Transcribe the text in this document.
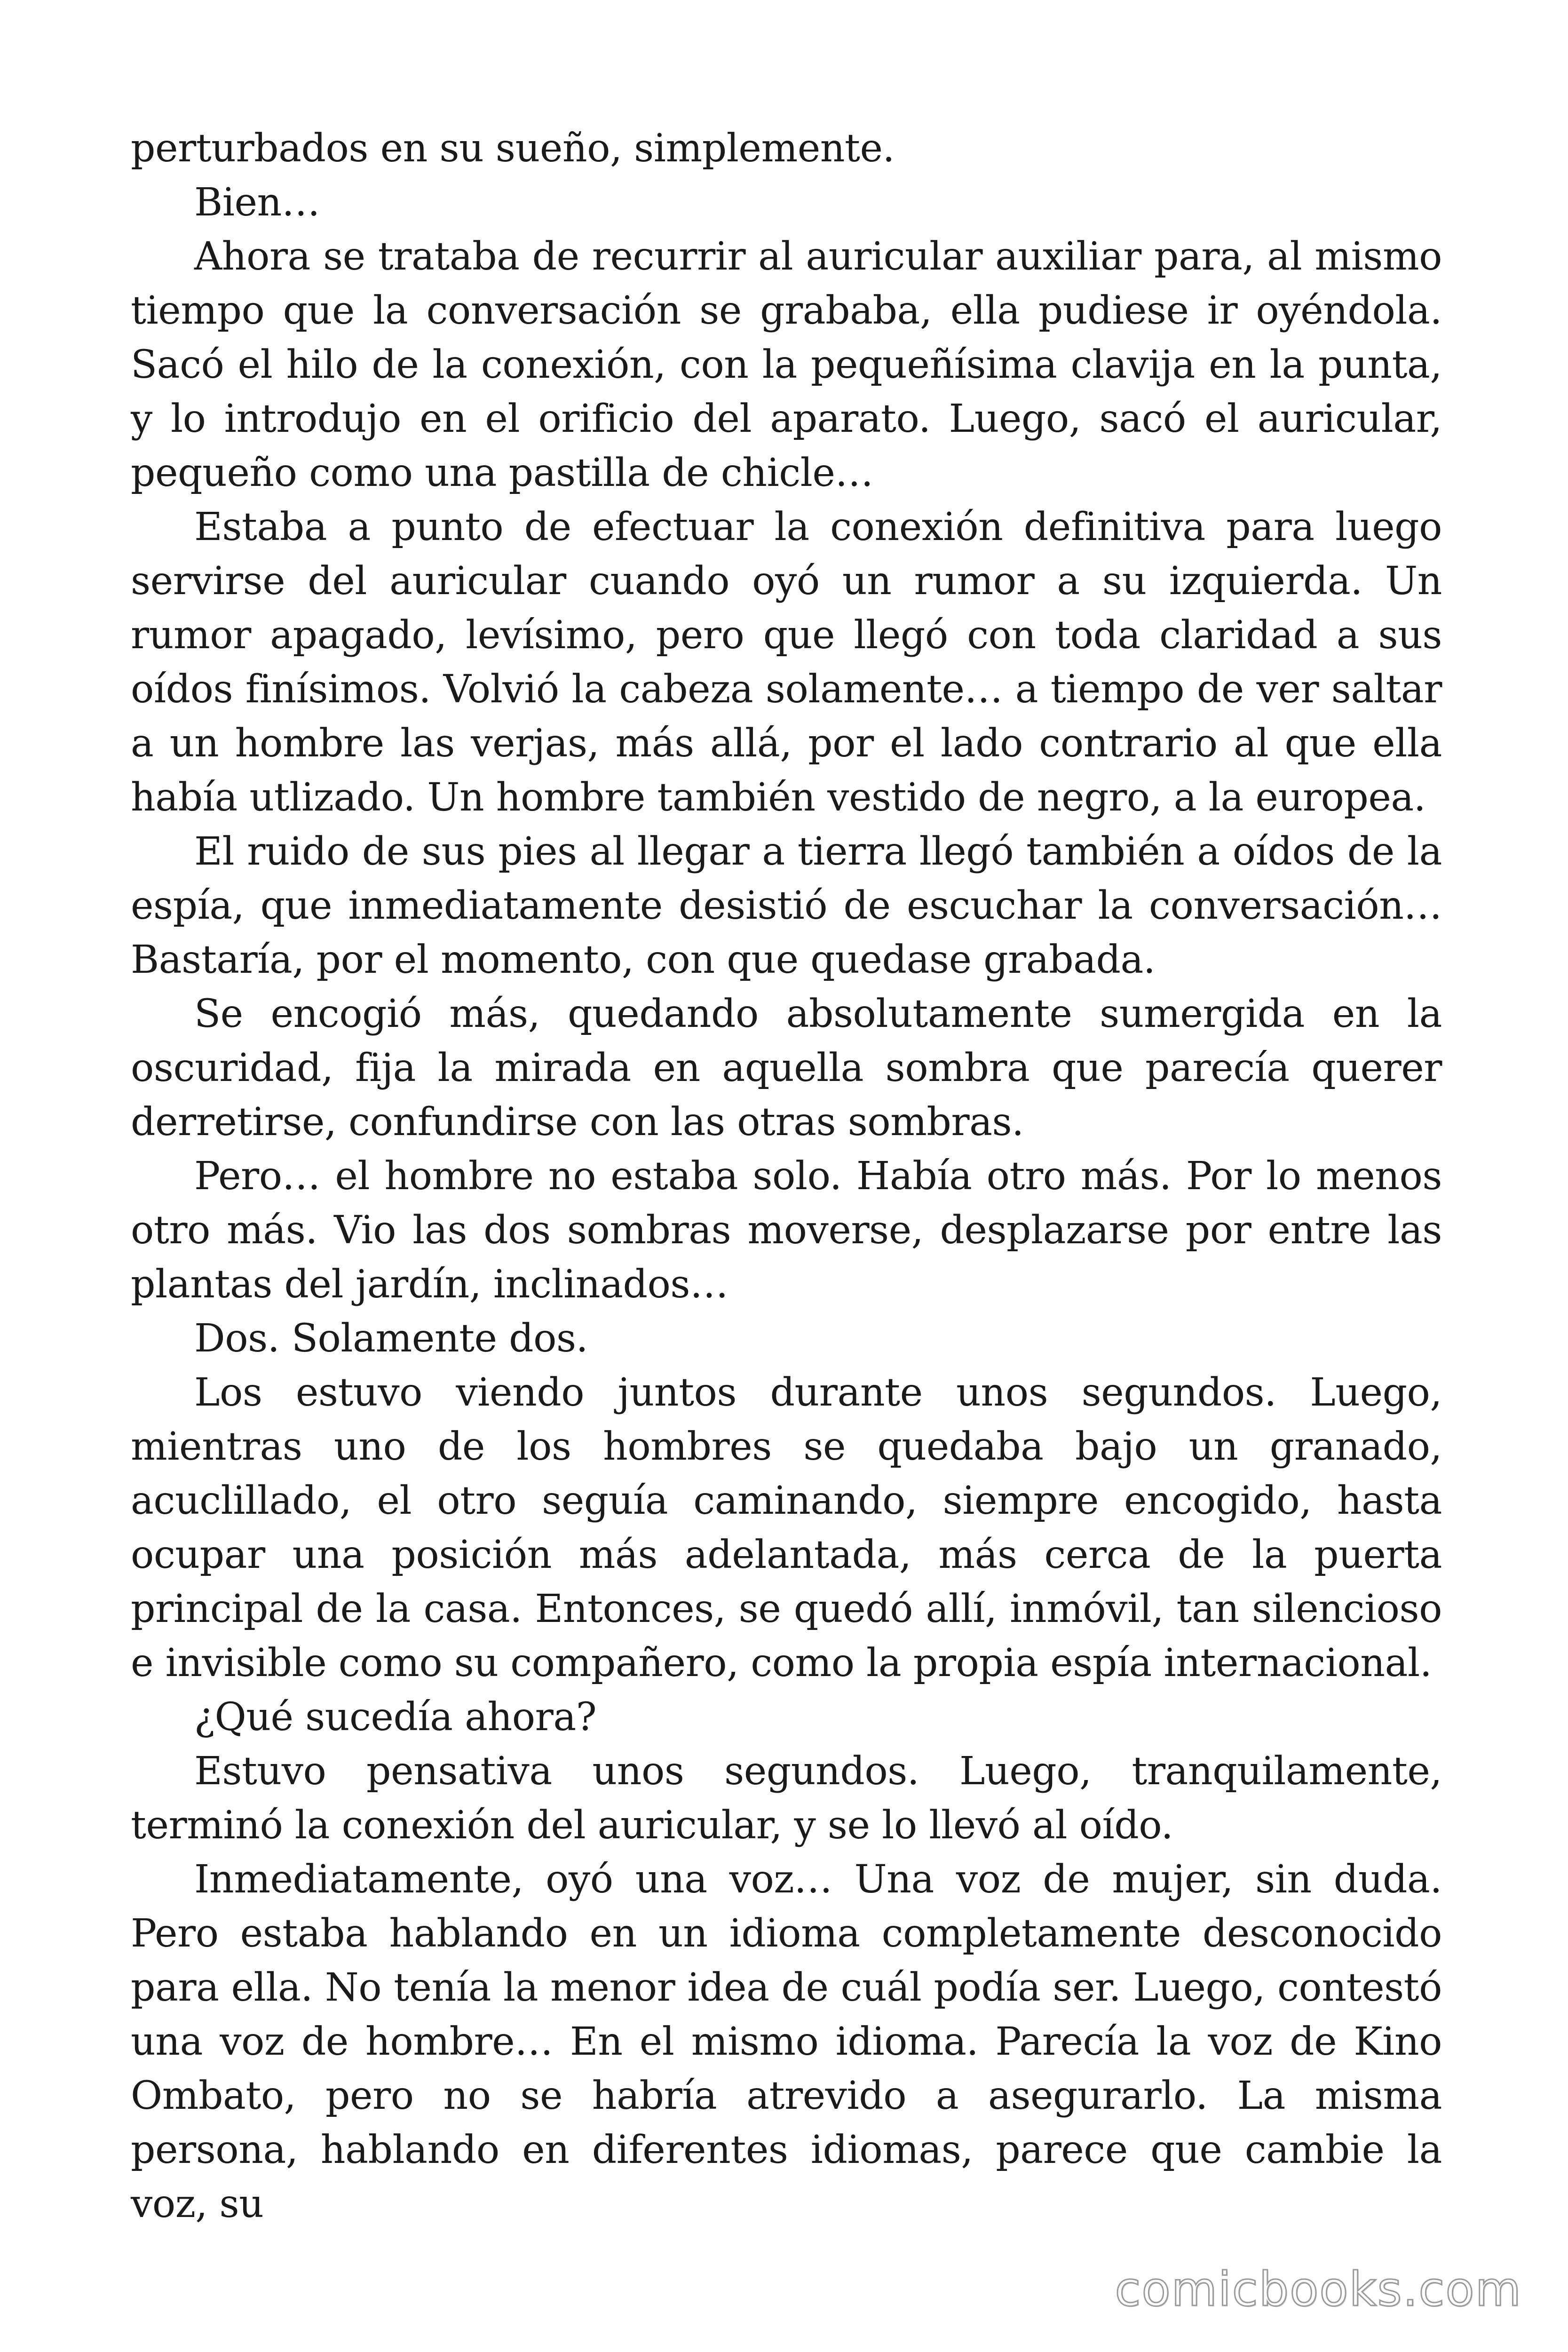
perturbados en su sueño, simplemente.

Bien…

Ahora se trataba de recurrir al auricular auxiliar para, al mismo tiempo que la conversación se grababa, ella pudiese ir oyéndola. Sacó el hilo de la conexión, con la pequeñísima clavija en la punta, y lo introdujo en el orificio del aparato. Luego, sacó el auricular, pequeño como una pastilla de chicle…

Estaba a punto de efectuar la conexión definitiva para luego servirse del auricular cuando oyó un rumor a su izquierda. Un rumor apagado, levísimo, pero que llegó con toda claridad a sus oídos finísimos. Volvió la cabeza solamente… a tiempo de ver saltar a un hombre las verjas, más allá, por el lado contrario al que ella había utlizado. Un hombre también vestido de negro, a la europea.

El ruido de sus pies al llegar a tierra llegó también a oídos de la espía, que inmediatamente desistió de escuchar la conversación… Bastaría, por el momento, con que quedase grabada.

Se encogió más, quedando absolutamente sumergida en la oscuridad, fija la mirada en aquella sombra que parecía querer derretirse, confundirse con las otras sombras.

Pero… el hombre no estaba solo. Había otro más. Por lo menos otro más. Vio las dos sombras moverse, desplazarse por entre las plantas del jardín, inclinados…

Dos. Solamente dos.

Los estuvo viendo juntos durante unos segundos. Luego, mientras uno de los hombres se quedaba bajo un granado, acuclillado, el otro seguía caminando, siempre encogido, hasta ocupar una posición más adelantada, más cerca de la puerta principal de la casa. Entonces, se quedó allí, inmóvil, tan silencioso e invisible como su compañero, como la propia espía internacional.

¿Qué sucedía ahora?

Estuvo pensativa unos segundos. Luego, tranquilamente, terminó la conexión del auricular, y se lo llevó al oído.

Inmediatamente, oyó una voz… Una voz de mujer, sin duda. Pero estaba hablando en un idioma completamente desconocido para ella. No tenía la menor idea de cuál podía ser. Luego, contestó una voz de hombre… En el mismo idioma. Parecía la voz de Kino Ombato, pero no se habría atrevido a asegurarlo. La misma persona, hablando en diferentes idiomas, parece que cambie la voz, su

comicbooks.com
